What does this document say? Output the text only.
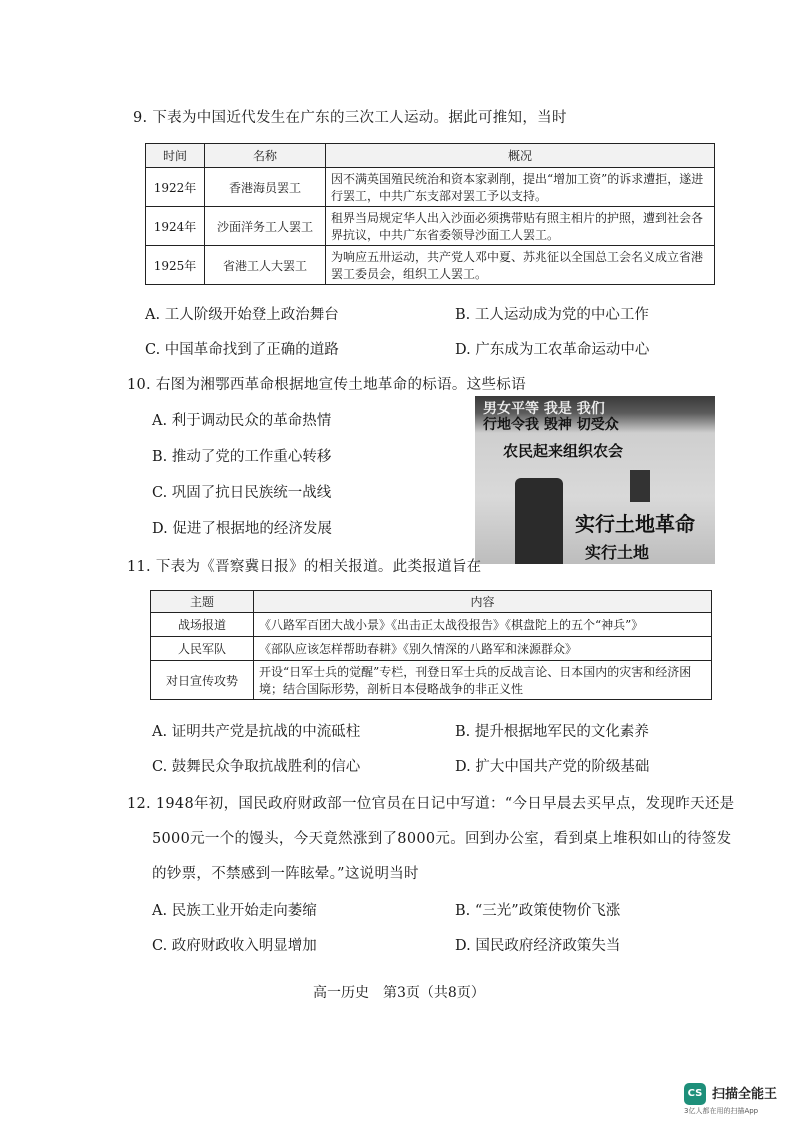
9. 下表为中国近代发生在广东的三次工人运动。据此可推知，当时
时间	名称	概况
1922年	香港海员罢工	因不满英国殖民统治和资本家剥削，提出“增加工资”的诉求遭拒，遂进行罢工，中共广东支部对罢工予以支持。
1924年	沙面洋务工人罢工	租界当局规定华人出入沙面必须携带贴有照主相片的护照，遭到社会各界抗议，中共广东省委领导沙面工人罢工。
1925年	省港工人大罢工	为响应五卅运动，共产党人邓中夏、苏兆征以全国总工会名义成立省港罢工委员会，组织工人罢工。
A. 工人阶级开始登上政治舞台	B. 工人运动成为党的中心工作
C. 中国革命找到了正确的道路	D. 广东成为工农革命运动中心
10. 右图为湘鄂西革命根据地宣传土地革命的标语。这些标语
A. 利于调动民众的革命热情
B. 推动了党的工作重心转移
C. 巩固了抗日民族统一战线
D. 促进了根据地的经济发展
男女平等 我是 我们
行地令我 毁神 切受众
农民起来组织农会
实行土地革命
实行土地
11. 下表为《晋察冀日报》的相关报道。此类报道旨在
主题	内容
战场报道	《八路军百团大战小景》《出击正太战役报告》《棋盘陀上的五个“神兵”》
人民军队	《部队应该怎样帮助春耕》《别久情深的八路军和涞源群众》
对日宣传攻势	开设“日军士兵的觉醒”专栏，刊登日军士兵的反战言论、日本国内的灾害和经济困境；结合国际形势，剖析日本侵略战争的非正义性
A. 证明共产党是抗战的中流砥柱	B. 提升根据地军民的文化素养
C. 鼓舞民众争取抗战胜利的信心	D. 扩大中国共产党的阶级基础
12. 1948年初，国民政府财政部一位官员在日记中写道：“今日早晨去买早点，发现昨天还是
5000元一个的馒头，今天竟然涨到了8000元。回到办公室，看到桌上堆积如山的待签发
的钞票，不禁感到一阵眩晕。”这说明当时
A. 民族工业开始走向萎缩	B. “三光”政策使物价飞涨
C. 政府财政收入明显增加	D. 国民政府经济政策失当
高一历史　第3页（共8页）
CS 扫描全能王
3亿人都在用的扫描App
